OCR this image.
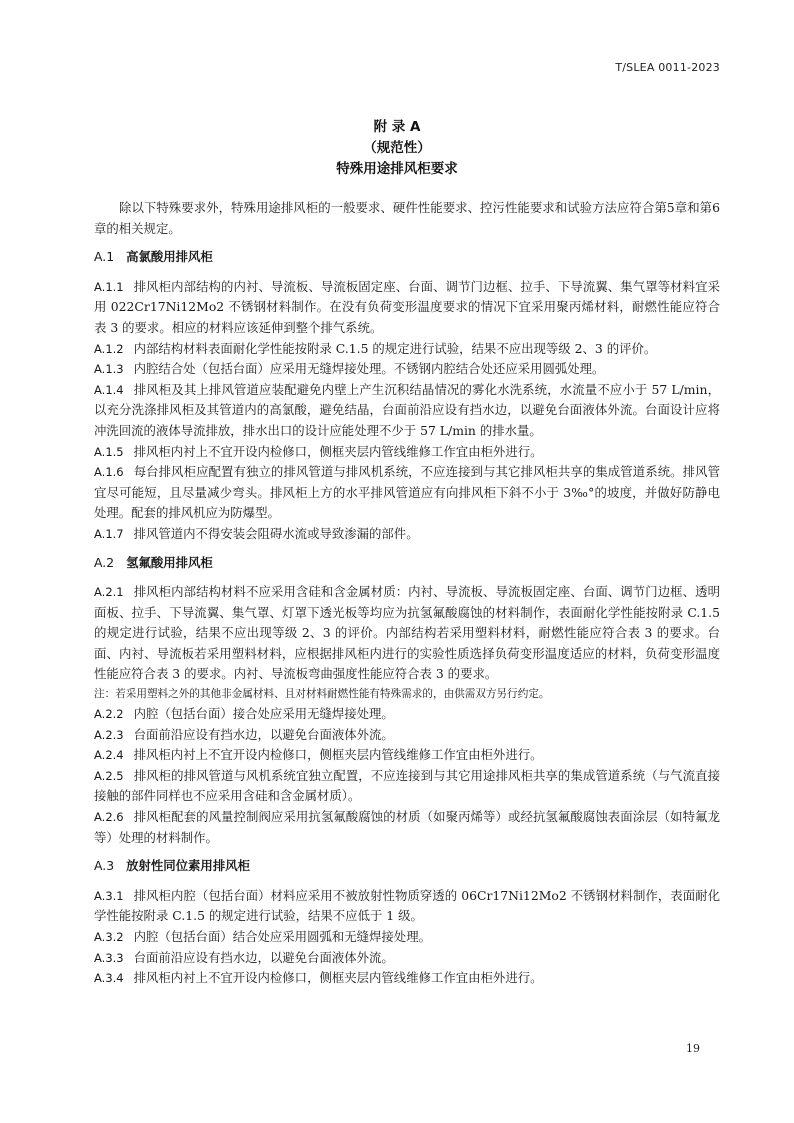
T/SLEA 0011-2023
附 录 A
（规范性）
特殊用途排风柜要求

除以下特殊要求外，特殊用途排风柜的一般要求、硬件性能要求、控污性能要求和试验方法应符合第5章和第6章的相关规定。

A.1 高氯酸用排风柜

A.1.1 排风柜内部结构的内衬、导流板、导流板固定座、台面、调节门边框、拉手、下导流翼、集气罩等材料宜采用 022Cr17Ni12Mo2 不锈钢材料制作。在没有负荷变形温度要求的情况下宜采用聚丙烯材料，耐燃性能应符合表 3 的要求。相应的材料应该延伸到整个排气系统。

A.1.2 内部结构材料表面耐化学性能按附录 C.1.5 的规定进行试验，结果不应出现等级 2、3 的评价。

A.1.3 内腔结合处（包括台面）应采用无缝焊接处理。不锈钢内腔结合处还应采用圆弧处理。

A.1.4 排风柜及其上排风管道应装配避免内壁上产生沉积结晶情况的雾化水洗系统，水流量不应小于 57 L/min，以充分洗涤排风柜及其管道内的高氯酸，避免结晶，台面前沿应设有挡水边，以避免台面液体外流。台面设计应将冲洗回流的液体导流排放，排水出口的设计应能处理不少于 57 L/min 的排水量。

A.1.5 排风柜内衬上不宜开设内检修口，侧框夹层内管线维修工作宜由柜外进行。

A.1.6 每台排风柜应配置有独立的排风管道与排风机系统，不应连接到与其它排风柜共享的集成管道系统。排风管宜尽可能短，且尽量减少弯头。排风柜上方的水平排风管道应有向排风柜下斜不小于 3‰°的坡度，并做好防静电处理。配套的排风机应为防爆型。

A.1.7 排风管道内不得安装会阻碍水流或导致渗漏的部件。

A.2 氢氟酸用排风柜

A.2.1 排风柜内部结构材料不应采用含硅和含金属材质：内衬、导流板、导流板固定座、台面、调节门边框、透明面板、拉手、下导流翼、集气罩、灯罩下透光板等均应为抗氢氟酸腐蚀的材料制作，表面耐化学性能按附录 C.1.5 的规定进行试验，结果不应出现等级 2、3 的评价。内部结构若采用塑料材料，耐燃性能应符合表 3 的要求。台面、内衬、导流板若采用塑料材料，应根据排风柜内进行的实验性质选择负荷变形温度适应的材料，负荷变形温度性能应符合表 3 的要求。内衬、导流板弯曲强度性能应符合表 3 的要求。

注：若采用塑料之外的其他非金属材料、且对材料耐燃性能有特殊需求的，由供需双方另行约定。

A.2.2 内腔（包括台面）接合处应采用无缝焊接处理。

A.2.3 台面前沿应设有挡水边，以避免台面液体外流。

A.2.4 排风柜内衬上不宜开设内检修口，侧框夹层内管线维修工作宜由柜外进行。

A.2.5 排风柜的排风管道与风机系统宜独立配置，不应连接到与其它用途排风柜共享的集成管道系统（与气流直接接触的部件同样也不应采用含硅和含金属材质）。

A.2.6 排风柜配套的风量控制阀应采用抗氢氟酸腐蚀的材质（如聚丙烯等）或经抗氢氟酸腐蚀表面涂层（如特氟龙等）处理的材料制作。

A.3 放射性同位素用排风柜

A.3.1 排风柜内腔（包括台面）材料应采用不被放射性物质穿透的 06Cr17Ni12Mo2 不锈钢材料制作，表面耐化学性能按附录 C.1.5 的规定进行试验，结果不应低于 1 级。

A.3.2 内腔（包括台面）结合处应采用圆弧和无缝焊接处理。

A.3.3 台面前沿应设有挡水边，以避免台面液体外流。

A.3.4 排风柜内衬上不宜开设内检修口，侧框夹层内管线维修工作宜由柜外进行。

19
